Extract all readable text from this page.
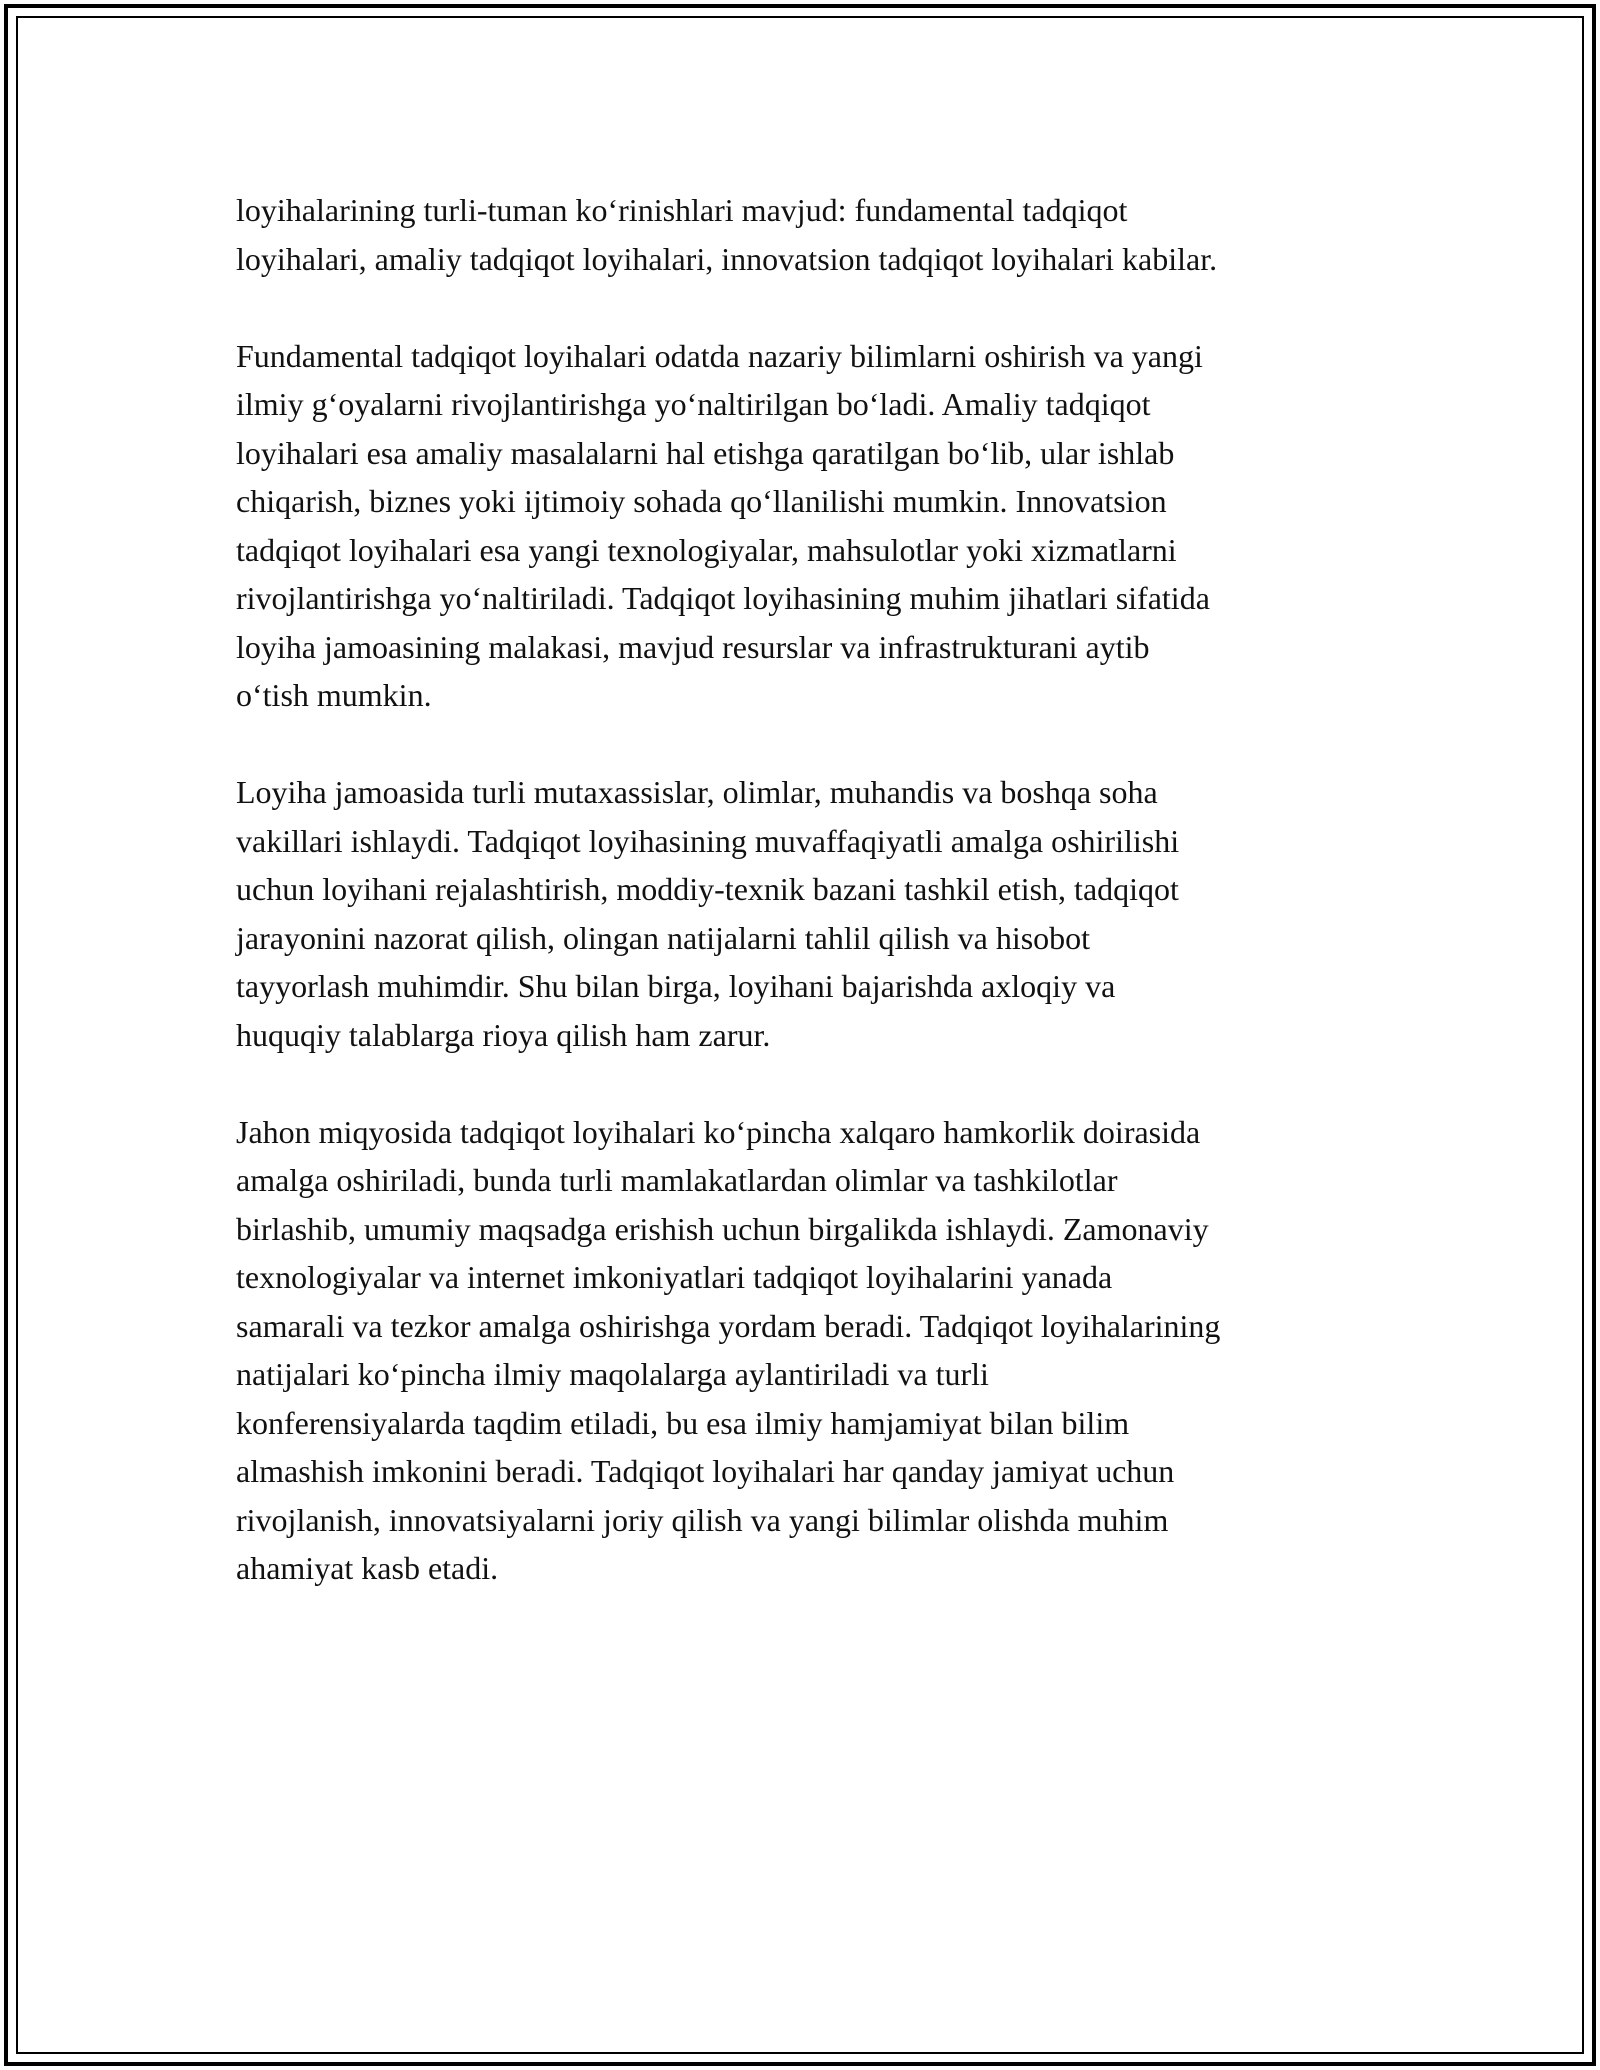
loyihalarining turli-tuman ko‘rinishlari mavjud: fundamental tadqiqot
loyihalari, amaliy tadqiqot loyihalari, innovatsion tadqiqot loyihalari kabilar.

Fundamental tadqiqot loyihalari odatda nazariy bilimlarni oshirish va yangi
ilmiy g‘oyalarni rivojlantirishga yo‘naltirilgan bo‘ladi. Amaliy tadqiqot
loyihalari esa amaliy masalalarni hal etishga qaratilgan bo‘lib, ular ishlab
chiqarish, biznes yoki ijtimoiy sohada qo‘llanilishi mumkin. Innovatsion
tadqiqot loyihalari esa yangi texnologiyalar, mahsulotlar yoki xizmatlarni
rivojlantirishga yo‘naltiriladi. Tadqiqot loyihasining muhim jihatlari sifatida
loyiha jamoasining malakasi, mavjud resurslar va infrastrukturani aytib
o‘tish mumkin.

Loyiha jamoasida turli mutaxassislar, olimlar, muhandis va boshqa soha
vakillari ishlaydi. Tadqiqot loyihasining muvaffaqiyatli amalga oshirilishi
uchun loyihani rejalashtirish, moddiy-texnik bazani tashkil etish, tadqiqot
jarayonini nazorat qilish, olingan natijalarni tahlil qilish va hisobot
tayyorlash muhimdir. Shu bilan birga, loyihani bajarishda axloqiy va
huquqiy talablarga rioya qilish ham zarur.

Jahon miqyosida tadqiqot loyihalari ko‘pincha xalqaro hamkorlik doirasida
amalga oshiriladi, bunda turli mamlakatlardan olimlar va tashkilotlar
birlashib, umumiy maqsadga erishish uchun birgalikda ishlaydi. Zamonaviy
texnologiyalar va internet imkoniyatlari tadqiqot loyihalarini yanada
samarali va tezkor amalga oshirishga yordam beradi. Tadqiqot loyihalarining
natijalari ko‘pincha ilmiy maqolalarga aylantiriladi va turli
konferensiyalarda taqdim etiladi, bu esa ilmiy hamjamiyat bilan bilim
almashish imkonini beradi. Tadqiqot loyihalari har qanday jamiyat uchun
rivojlanish, innovatsiyalarni joriy qilish va yangi bilimlar olishda muhim
ahamiyat kasb etadi.
